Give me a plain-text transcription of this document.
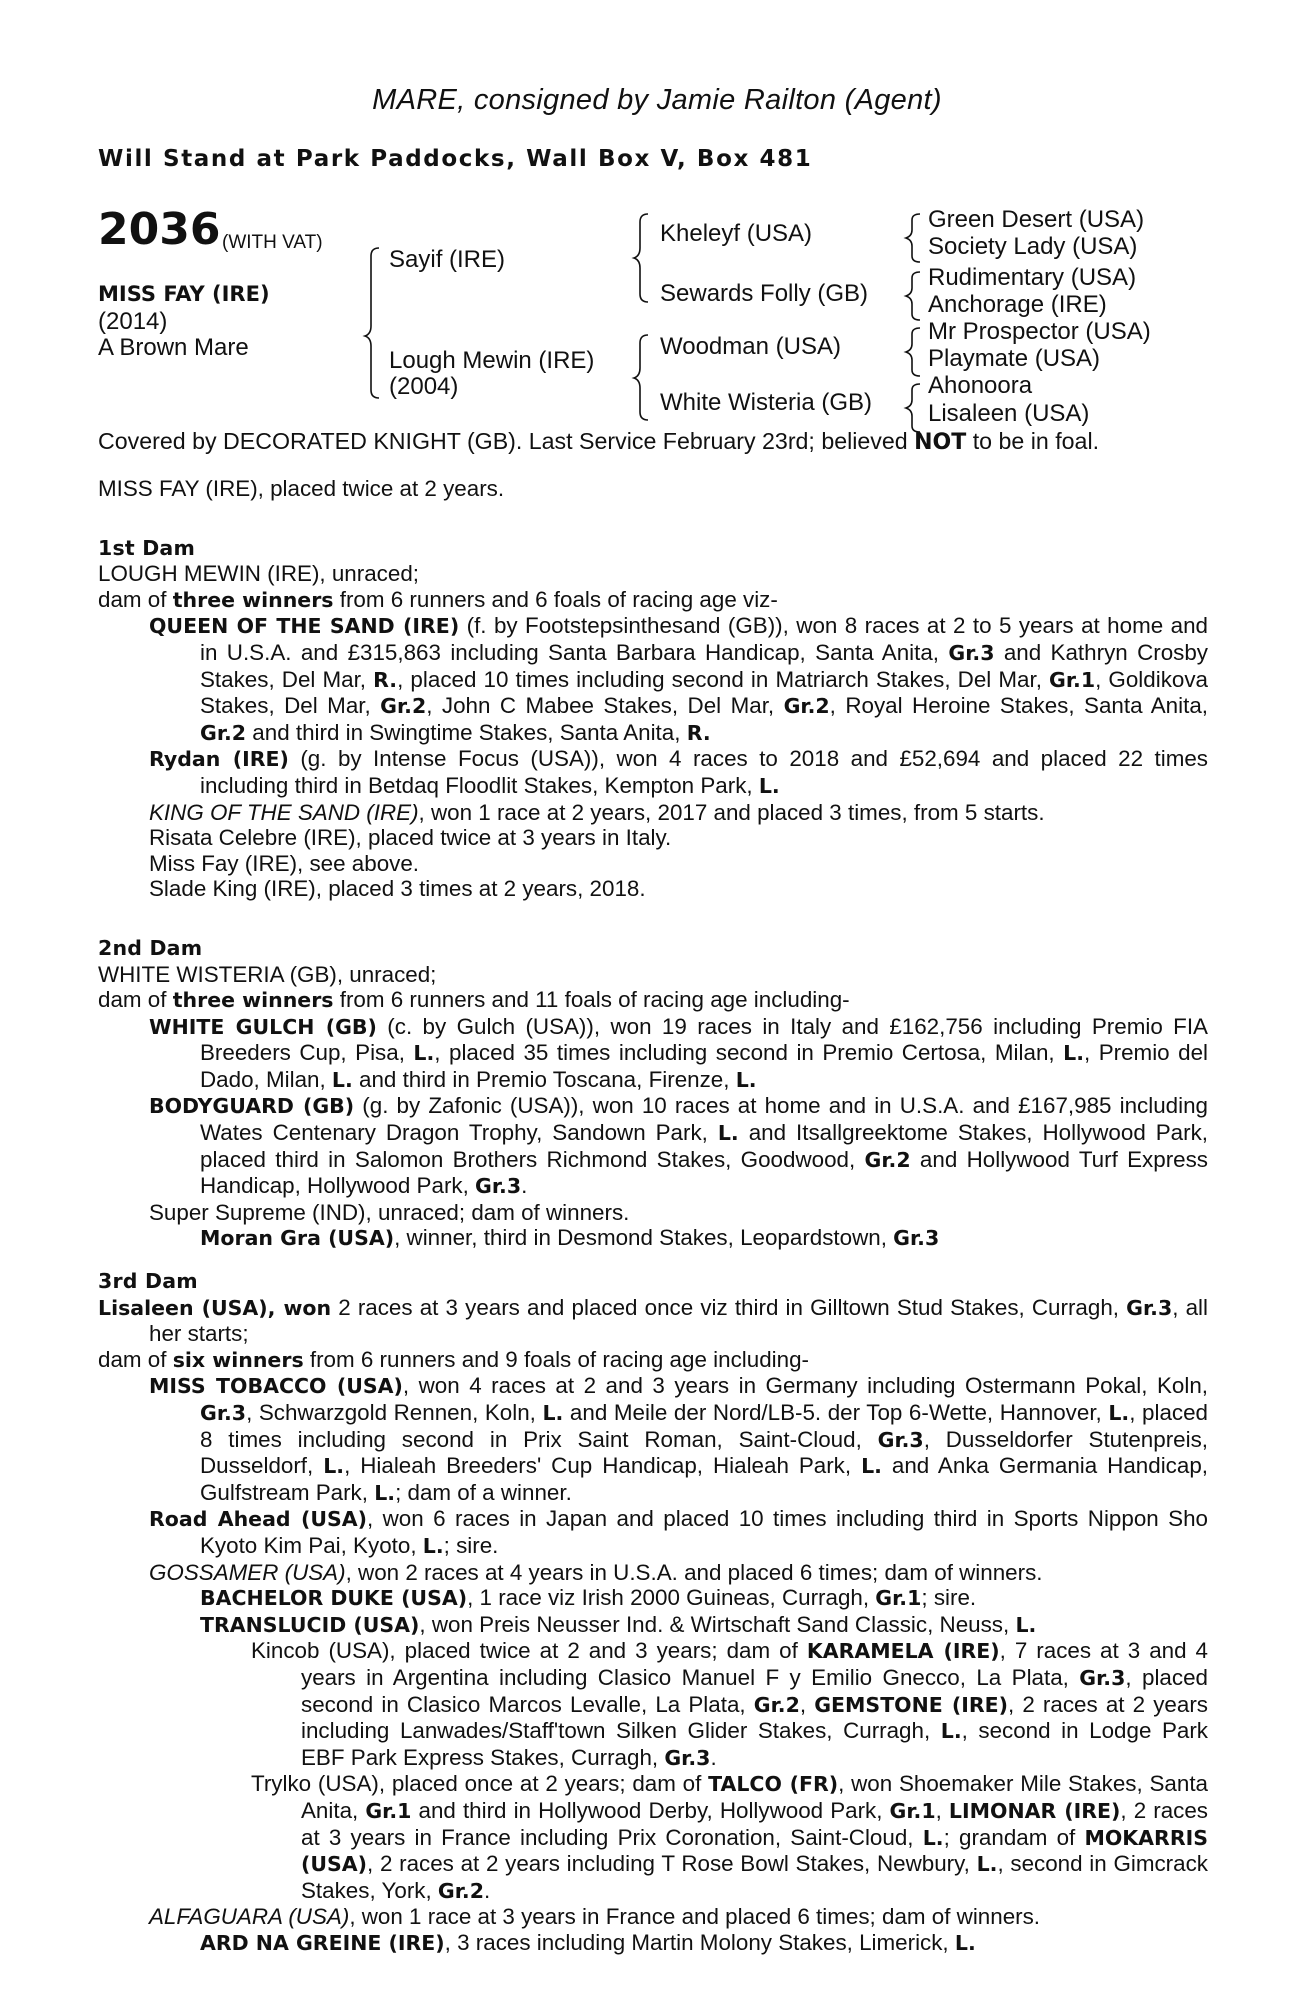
MARE, consigned by Jamie Railton (Agent)
Will Stand at Park Paddocks, Wall Box V, Box 481
2036 (WITH VAT)
MISS FAY (IRE)
(2014)
A Brown Mare
Sayif (IRE)
Lough Mewin (IRE)
(2004)
Kheleyf (USA)
Sewards Folly (GB)
Woodman (USA)
White Wisteria (GB)
Green Desert (USA)
Society Lady (USA)
Rudimentary (USA)
Anchorage (IRE)
Mr Prospector (USA)
Playmate (USA)
Ahonoora
Lisaleen (USA)
Covered by DECORATED KNIGHT (GB). Last Service February 23rd; believed NOT to be in foal.

MISS FAY (IRE), placed twice at 2 years.

1st Dam

LOUGH MEWIN (IRE), unraced;

dam of three winners from 6 runners and 6 foals of racing age viz-

QUEEN OF THE SAND (IRE) (f. by Footstepsinthesand (GB)), won 8 races at 2 to 5 years at home and in U.S.A. and £315,863 including Santa Barbara Handicap, Santa Anita, Gr.3 and Kathryn Crosby Stakes, Del Mar, R., placed 10 times including second in Matriarch Stakes, Del Mar, Gr.1, Goldikova Stakes, Del Mar, Gr.2, John C Mabee Stakes, Del Mar, Gr.2, Royal Heroine Stakes, Santa Anita, Gr.2 and third in Swingtime Stakes, Santa Anita, R.

Rydan (IRE) (g. by Intense Focus (USA)), won 4 races to 2018 and £52,694 and placed 22 times including third in Betdaq Floodlit Stakes, Kempton Park, L.

KING OF THE SAND (IRE), won 1 race at 2 years, 2017 and placed 3 times, from 5 starts.

Risata Celebre (IRE), placed twice at 3 years in Italy.

Miss Fay (IRE), see above.

Slade King (IRE), placed 3 times at 2 years, 2018.

2nd Dam

WHITE WISTERIA (GB), unraced;

dam of three winners from 6 runners and 11 foals of racing age including-

WHITE GULCH (GB) (c. by Gulch (USA)), won 19 races in Italy and £162,756 including Premio FIA Breeders Cup, Pisa, L., placed 35 times including second in Premio Certosa, Milan, L., Premio del Dado, Milan, L. and third in Premio Toscana, Firenze, L.

BODYGUARD (GB) (g. by Zafonic (USA)), won 10 races at home and in U.S.A. and £167,985 including Wates Centenary Dragon Trophy, Sandown Park, L. and Itsallgreektome Stakes, Hollywood Park, placed third in Salomon Brothers Richmond Stakes, Goodwood, Gr.2 and Hollywood Turf Express Handicap, Hollywood Park, Gr.3.

Super Supreme (IND), unraced; dam of winners.

Moran Gra (USA), winner, third in Desmond Stakes, Leopardstown, Gr.3

3rd Dam

Lisaleen (USA), won 2 races at 3 years and placed once viz third in Gilltown Stud Stakes, Curragh, Gr.3, all her starts;

dam of six winners from 6 runners and 9 foals of racing age including-

MISS TOBACCO (USA), won 4 races at 2 and 3 years in Germany including Ostermann Pokal, Koln, Gr.3, Schwarzgold Rennen, Koln, L. and Meile der Nord/LB-5. der Top 6-Wette, Hannover, L., placed 8 times including second in Prix Saint Roman, Saint-Cloud, Gr.3, Dusseldorfer Stutenpreis, Dusseldorf, L., Hialeah Breeders' Cup Handicap, Hialeah Park, L. and Anka Germania Handicap, Gulfstream Park, L.; dam of a winner.

Road Ahead (USA), won 6 races in Japan and placed 10 times including third in Sports Nippon Sho Kyoto Kim Pai, Kyoto, L.; sire.

GOSSAMER (USA), won 2 races at 4 years in U.S.A. and placed 6 times; dam of winners.

BACHELOR DUKE (USA), 1 race viz Irish 2000 Guineas, Curragh, Gr.1; sire.

TRANSLUCID (USA), won Preis Neusser Ind. & Wirtschaft Sand Classic, Neuss, L.

Kincob (USA), placed twice at 2 and 3 years; dam of KARAMELA (IRE), 7 races at 3 and 4 years in Argentina including Clasico Manuel F y Emilio Gnecco, La Plata, Gr.3, placed second in Clasico Marcos Levalle, La Plata, Gr.2, GEMSTONE (IRE), 2 races at 2 years including Lanwades/Staff'town Silken Glider Stakes, Curragh, L., second in Lodge Park EBF Park Express Stakes, Curragh, Gr.3.

Trylko (USA), placed once at 2 years; dam of TALCO (FR), won Shoemaker Mile Stakes, Santa Anita, Gr.1 and third in Hollywood Derby, Hollywood Park, Gr.1, LIMONAR (IRE), 2 races at 3 years in France including Prix Coronation, Saint-Cloud, L.; grandam of MOKARRIS (USA), 2 races at 2 years including T Rose Bowl Stakes, Newbury, L., second in Gimcrack Stakes, York, Gr.2.

ALFAGUARA (USA), won 1 race at 3 years in France and placed 6 times; dam of winners.

ARD NA GREINE (IRE), 3 races including Martin Molony Stakes, Limerick, L.
